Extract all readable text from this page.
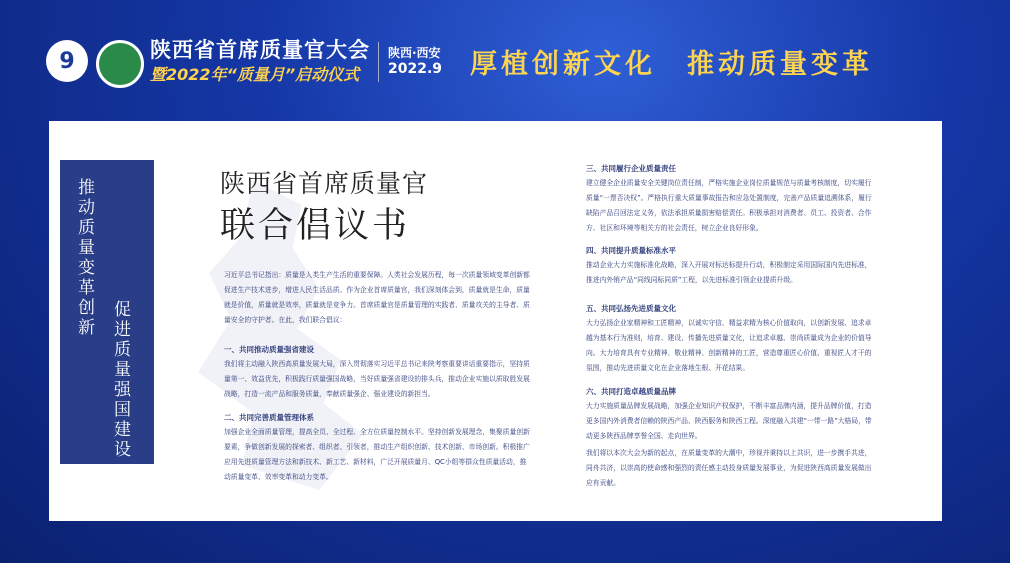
9	陕西省首席质量官大会
暨2022年“质量月”启动仪式
陕西·西安
2022.9 厚植创新文化　推动质量变革
推动质量变革创新
促进质量强国建设
陕西省首席质量官
联合倡议书
习近平总书记指出：质量是人类生产生活的重要保障。人类社会发展历程，每一次质量领域变革创新都促进生产技术进步，增进人民生活品质。作为企业首席质量官，我们深刻体会到，质量就是生命，质量就是价值，质量就是效率，质量就是竞争力。首席质量官是质量管理的实践者、质量攻关的主导者、质量安全的守护者。在此，我们联合倡议：
一、共同推动质量强省建设
我们将主动融入陕西高质量发展大局，深入贯彻落实习近平总书记来陕考察重要讲话重要指示，坚持质量第一、效益优先，积极践行质量强国战略，当好质量强省建设的排头兵，推动企业实施以质取胜发展战略，打造一流产品和服务质量，奉献质量强企、强业建设的新担当。
二、共同完善质量管理体系
加强企业全面质量管理，提高全员、全过程、全方位质量控制水平。坚持创新发展理念，集聚质量创新要素，争做创新发展的探索者、组织者、引领者，推动生产组织创新、技术创新、市场创新。积极推广应用先进质量管理方法和新技术、新工艺、新材料，广泛开展质量月、QC小组等群众性质量活动，推动质量变革、效率变革和动力变革。
三、共同履行企业质量责任
建立健全企业质量安全关键岗位责任制，严格实施企业岗位质量规范与质量考核制度，切实履行质量“一票否决权”。严格执行重大质量事故报告和应急处置制度，完善产品质量追溯体系，履行缺陷产品召回法定义务，依法承担质量损害赔偿责任。积极承担对消费者、员工、投资者、合作方、社区和环境等相关方的社会责任，树立企业良好形象。
四、共同提升质量标准水平
推动企业大力实施标准化战略，深入开展对标达标提升行动，积极制定采用国际国内先进标准，推进内外销产品“同线同标同质”工程，以先进标准引领企业提质升级。
五、共同弘扬先进质量文化
大力弘扬企业家精神和工匠精神，以诚实守信、精益求精为核心价值取向，以创新发展、追求卓越为基本行为准则，培育、建设、传播先进质量文化，让追求卓越、崇尚质量成为企业的价值导向。大力培育具有专业精神、敬业精神、创新精神的工匠，营造尊重匠心价值、重视匠人才干的氛围，推动先进质量文化在企业落地生根、开花结果。
六、共同打造卓越质量品牌
大力实施质量品牌发展战略，加强企业知识产权保护，不断丰富品牌内涵，提升品牌价值，打造更多国内外消费者信赖的陕西产品、陕西服务和陕西工程。深度融入共建“一带一路”大格局，带动更多陕西品牌享誉全国、走向世界。
我们将以本次大会为新的起点，在质量变革的大潮中，珍视并秉持以上共识，进一步携手共进，同舟共济，以崇高的使命感和强烈的责任感主动投身质量发展事业，为促进陕西高质量发展做出应有贡献。
